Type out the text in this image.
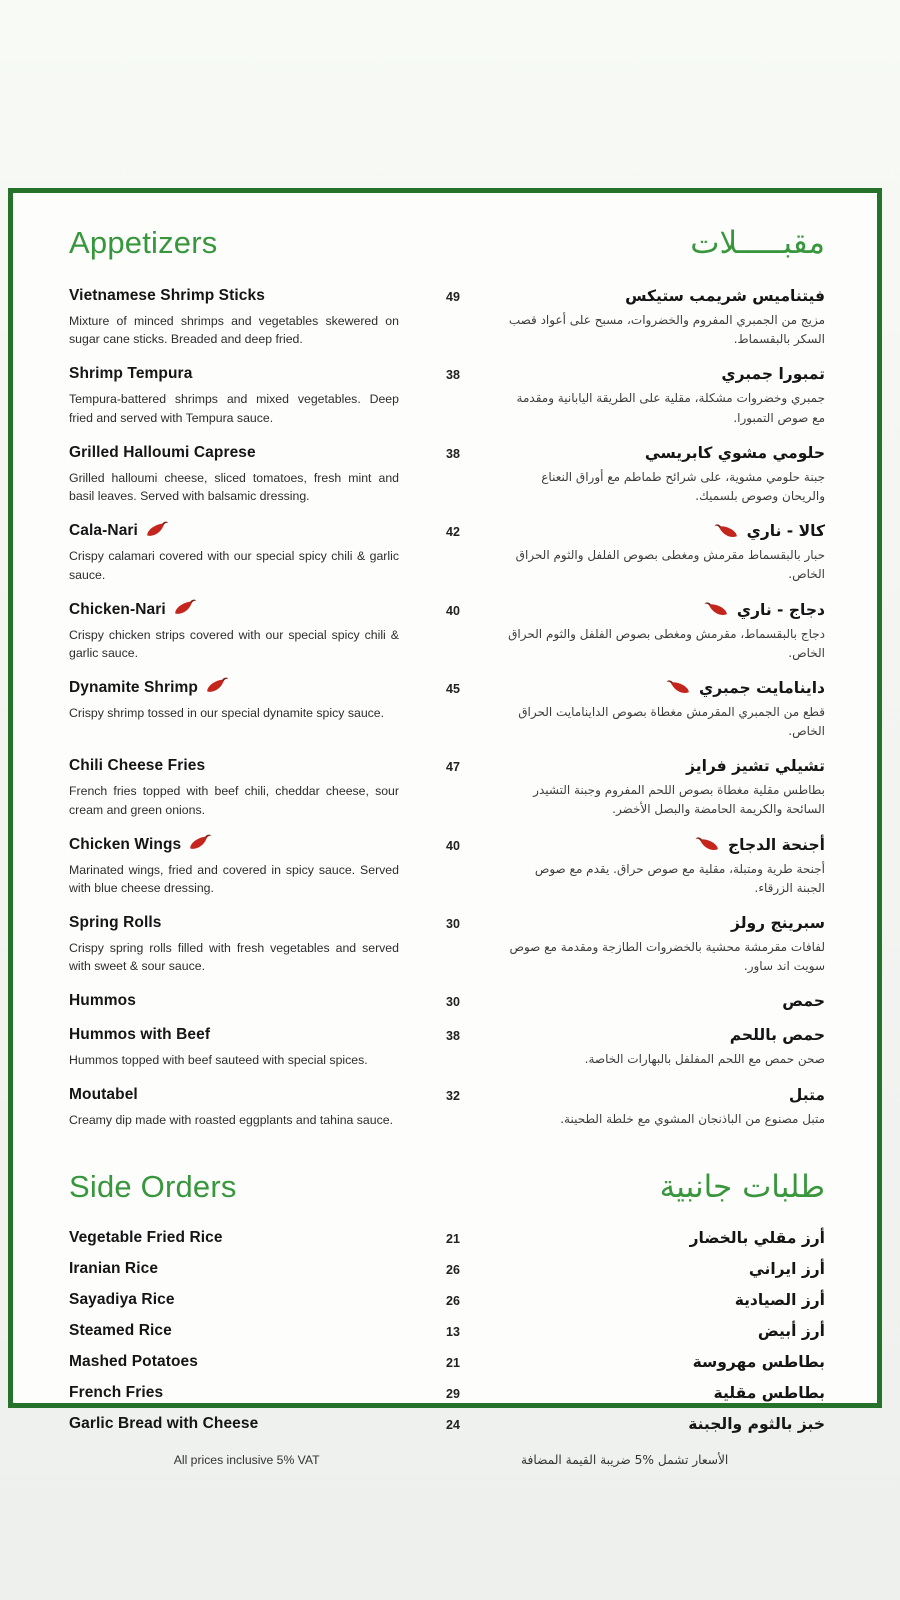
Appetizers	مقبـــــلات
Vietnamese Shrimp Sticks
Mixture of minced shrimps and vegetables skewered on sugar cane sticks. Breaded and deep fried.
49	فيتناميس شريمب ستيكس
مزيج من الجمبري المفروم والخضروات، مسبح على أعواد قصب السكر بالبقسماط.
Shrimp Tempura
Tempura-battered shrimps and mixed vegetables. Deep fried and served with Tempura sauce.
38	تمبورا جمبري
جمبري وخضروات مشكلة، مقلية على الطريقة اليابانية ومقدمة مع صوص التمبورا.
Grilled Halloumi Caprese
Grilled halloumi cheese, sliced tomatoes, fresh mint and basil leaves. Served with balsamic dressing.
38	حلومي مشوي كابريسي
جبنة حلومي مشوية، على شرائح طماطم مع أوراق النعناع والريحان وصوص بلسميك.
Cala-Nari
Crispy calamari covered with our special spicy chili & garlic sauce.
42	كالا - ناري
حبار بالبقسماط مقرمش ومغطى بصوص الفلفل والثوم الحراق الخاص.
Chicken-Nari
Crispy chicken strips covered with our special spicy chili & garlic sauce.
40	دجاج - ناري
دجاج بالبقسماط، مقرمش ومغطى بصوص الفلفل والثوم الحراق الخاص.
Dynamite Shrimp
Crispy shrimp tossed in our special dynamite spicy sauce.
45	داينامايت جمبري
قطع من الجمبري المقرمش مغطاة بصوص الداينامايت الحراق الخاص.
Chili Cheese Fries
French fries topped with beef chili, cheddar cheese, sour cream and green onions.
47	تشيلي تشيز فرايز
بطاطس مقلية مغطاة بصوص اللحم المفروم وجبنة التشيدر السائحة والكريمة الحامضة والبصل الأخضر.
Chicken Wings
Marinated wings, fried and covered in spicy sauce. Served with blue cheese dressing.
40	أجنحة الدجاج
أجنحة طرية ومتبلة، مقلية مع صوص حراق. يقدم مع صوص الجبنة الزرقاء.
Spring Rolls
Crispy spring rolls filled with fresh vegetables and served with sweet & sour sauce.
30	سبرينج رولز
لفافات مقرمشة محشية بالخضروات الطازجة ومقدمة مع صوص سويت اند ساور.
Hummos	30	حمص
Hummos with Beef
Hummos topped with beef sauteed with special spices.
38	حمص باللحم
صحن حمص مع اللحم المفلفل بالبهارات الخاصة.
Moutabel
Creamy dip made with roasted eggplants and tahina sauce.
32	متبل
متبل مصنوع من الباذنجان المشوي مع خلطة الطحينة.
Side Orders	طلبات جانبية
Vegetable Fried Rice	21	أرز مقلي بالخضار
Iranian Rice	26	أرز ايراني
Sayadiya Rice	26	أرز الصيادية
Steamed Rice	13	أرز أبيض
Mashed Potatoes	21	بطاطس مهروسة
French Fries	29	بطاطس مقلية
Garlic Bread with Cheese	24	خبز بالثوم والجبنة
All prices inclusive 5% VAT	الأسعار تشمل %5 ضريبة القيمة المضافة
